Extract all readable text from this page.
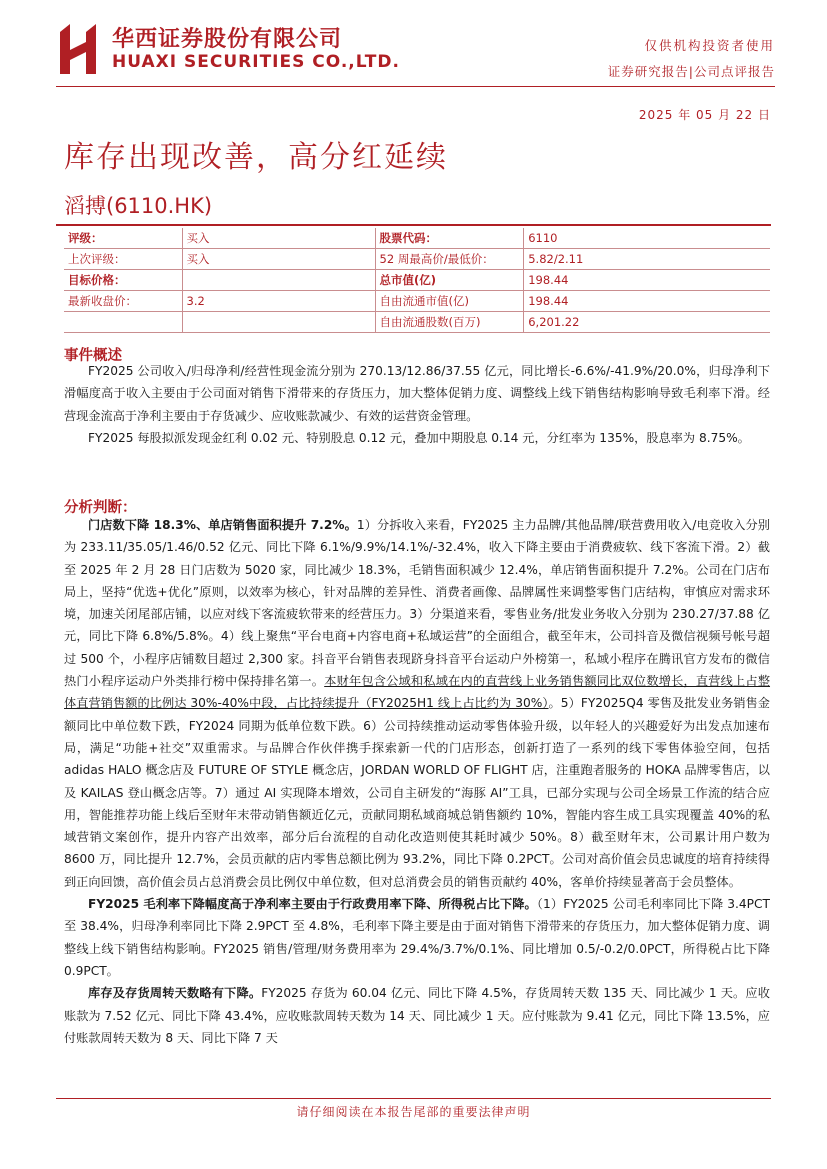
华西证券股份有限公司
HUAXI SECURITIES CO.,LTD.
仅供机构投资者使用
证券研究报告|公司点评报告
2025 年 05 月 22 日
库存出现改善，高分红延续
滔搏(6110.HK)
评级：	买入	股票代码：	6110
上次评级：	买入	52 周最高价/最低价：	5.82/2.11
目标价格：		总市值(亿)	198.44
最新收盘价：	3.2	自由流通市值(亿)	198.44
		自由流通股数(百万)	6,201.22
事件概述

FY2025 公司收入/归母净利/经营性现金流分别为 270.13/12.86/37.55 亿元，同比增长-6.6%/-41.9%/20.0%，归母净利下滑幅度高于收入主要由于公司面对销售下滑带来的存货压力，加大整体促销力度、调整线上线下销售结构影响导致毛利率下滑。经营现金流高于净利主要由于存货减少、应收账款减少、有效的运营资金管理。

FY2025 每股拟派发现金红利 0.02 元、特别股息 0.12 元，叠加中期股息 0.14 元，分红率为 135%，股息率为 8.75%。

分析判断：

门店数下降 18.3%、单店销售面积提升 7.2%。1）分拆收入来看，FY2025 主力品牌/其他品牌/联营费用收入/电竞收入分别为 233.11/35.05/1.46/0.52 亿元、同比下降 6.1%/9.9%/14.1%/-32.4%，收入下降主要由于消费疲软、线下客流下滑。2）截至 2025 年 2 月 28 日门店数为 5020 家，同比减少 18.3%，毛销售面积减少 12.4%，单店销售面积提升 7.2%。公司在门店布局上，坚持“优选+优化”原则，以效率为核心，针对品牌的差异性、消费者画像、品牌属性来调整零售门店结构，审慎应对需求环境，加速关闭尾部店铺，以应对线下客流疲软带来的经营压力。3）分渠道来看，零售业务/批发业务收入分别为 230.27/37.88 亿元，同比下降 6.8%/5.8%。4）线上聚焦“平台电商+内容电商+私域运营”的全面组合，截至年末，公司抖音及微信视频号帐号超过 500 个，小程序店铺数目超过 2,300 家。抖音平台销售表现跻身抖音平台运动户外榜第一，私域小程序在腾讯官方发布的微信热门小程序运动户外类排行榜中保持排名第一。本财年包含公域和私域在内的直营线上业务销售额同比双位数增长，直营线上占整体直营销售额的比例达 30%-40%中段，占比持续提升（FY2025H1 线上占比约为 30%）。5）FY2025Q4 零售及批发业务销售金额同比中单位数下跌，FY2024 同期为低单位数下跌。6）公司持续推动运动零售体验升级，以年轻人的兴趣爱好为出发点加速布局，满足“功能+社交”双重需求。与品牌合作伙伴携手探索新一代的门店形态，创新打造了一系列的线下零售体验空间，包括 adidas HALO 概念店及 FUTURE OF STYLE 概念店，JORDAN WORLD OF FLIGHT 店，注重跑者服务的 HOKA 品牌零售店，以及 KAILAS 登山概念店等。7）通过 AI 实现降本增效，公司自主研发的“海豚 AI”工具，已部分实现与公司全场景工作流的结合应用，智能推荐功能上线后至财年末带动销售额近亿元，贡献同期私域商城总销售额约 10%，智能内容生成工具实现覆盖 40%的私域营销文案创作，提升内容产出效率，部分后台流程的自动化改造则使其耗时减少 50%。8）截至财年末，公司累计用户数为 8600 万，同比提升 12.7%，会员贡献的店内零售总额比例为 93.2%，同比下降 0.2PCT。公司对高价值会员忠诚度的培育持续得到正向回馈，高价值会员占总消费会员比例仅中单位数，但对总消费会员的销售贡献约 40%，客单价持续显著高于会员整体。

FY2025 毛利率下降幅度高于净利率主要由于行政费用率下降、所得税占比下降。（1）FY2025 公司毛利率同比下降 3.4PCT 至 38.4%，归母净利率同比下降 2.9PCT 至 4.8%，毛利率下降主要是由于面对销售下滑带来的存货压力，加大整体促销力度、调整线上线下销售结构影响。FY2025 销售/管理/财务费用率为 29.4%/3.7%/0.1%、同比增加 0.5/-0.2/0.0PCT，所得税占比下降 0.9PCT。

库存及存货周转天数略有下降。FY2025 存货为 60.04 亿元、同比下降 4.5%，存货周转天数 135 天、同比减少 1 天。应收账款为 7.52 亿元、同比下降 43.4%，应收账款周转天数为 14 天、同比减少 1 天。应付账款为 9.41 亿元，同比下降 13.5%，应付账款周转天数为 8 天、同比下降 7 天

请仔细阅读在本报告尾部的重要法律声明
